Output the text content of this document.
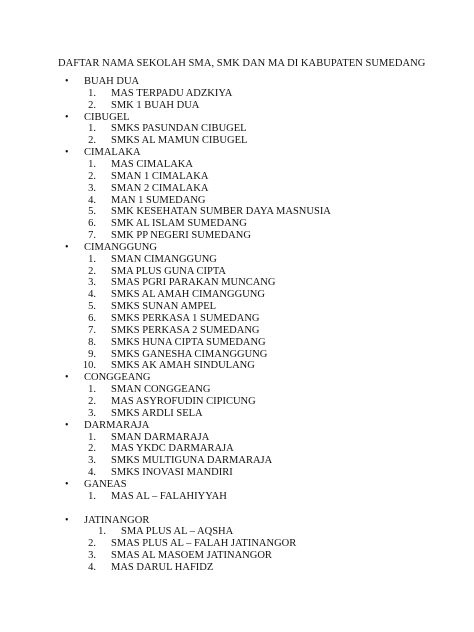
DAFTAR NAMA SEKOLAH SMA, SMK DAN MA DI KABUPATEN SUMEDANG
• BUAH DUA
1. MAS TERPADU ADZKIYA
2. SMK 1 BUAH DUA
• CIBUGEL
1. SMKS PASUNDAN CIBUGEL
2. SMKS AL MAMUN CIBUGEL
• CIMALAKA
1. MAS CIMALAKA
2. SMAN 1 CIMALAKA
3. SMAN 2 CIMALAKA
4. MAN 1 SUMEDANG
5. SMK KESEHATAN SUMBER DAYA MASNUSIA
6. SMK AL ISLAM SUMEDANG
7. SMK PP NEGERI SUMEDANG
• CIMANGGUNG
1. SMAN CIMANGGUNG
2. SMA PLUS GUNA CIPTA
3. SMAS PGRI PARAKAN MUNCANG
4. SMKS AL AMAH CIMANGGUNG
5. SMKS SUNAN AMPEL
6. SMKS PERKASA 1 SUMEDANG
7. SMKS PERKASA 2 SUMEDANG
8. SMKS HUNA CIPTA SUMEDANG
9. SMKS GANESHA CIMANGGUNG
10. SMKS AK AMAH SINDULANG
• CONGGEANG
1. SMAN CONGGEANG
2. MAS ASYROFUDIN CIPICUNG
3. SMKS ARDLI SELA
• DARMARAJA
1. SMAN DARMARAJA
2. MAS YKDC DARMARAJA
3. SMKS MULTIGUNA DARMARAJA
4. SMKS INOVASI MANDIRI
• GANEAS
1. MAS AL – FALAHIYYAH
• JATINANGOR
1. SMA PLUS AL – AQSHA
2. SMAS PLUS AL – FALAH JATINANGOR
3. SMAS AL MASOEM JATINANGOR
4. MAS DARUL HAFIDZ
